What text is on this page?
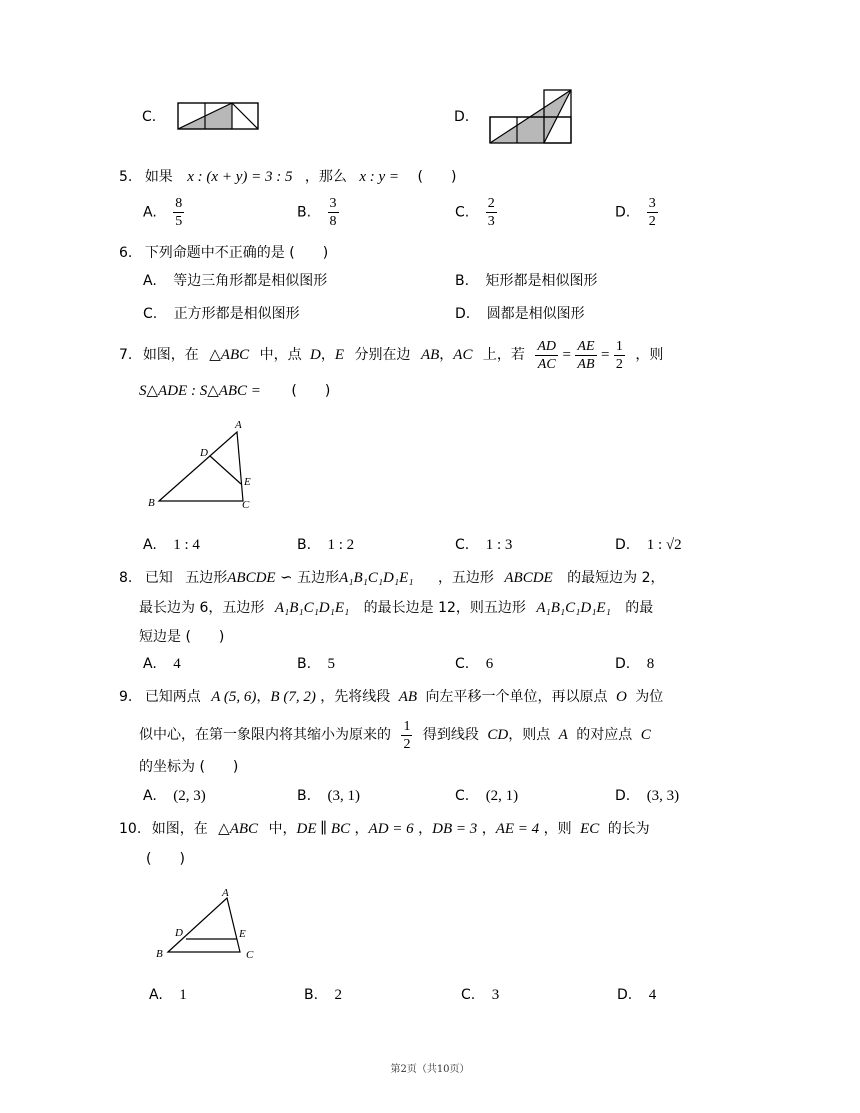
C.	D.
5. 如果 x : (x + y) = 3 : 5 ，那么 x : y = (　　)
A. $\frac{8}{5}$	B. $\frac{3}{8}$	C. $\frac{2}{3}$	D. $\frac{3}{2}$
6. 下列命题中不正确的是 (　　)
A. 等边三角形都是相似图形	B. 矩形都是相似图形
C. 正方形都是相似图形	D. 圆都是相似图形
7. 如图，在 △ABC 中，点 D，E 分别在边 AB，AC 上，若 $\frac{AD}{AC} = \frac{AE}{AB} = \frac{1}{2}$ ，则
S△ADE : S△ABC = (　　)
A
B	C
D
E
A. 1 : 4	B. 1 : 2	C. 1 : 3	D. 1 : √2
8. 已知 五边形ABCDE ∽ 五边形A₁B₁C₁D₁E₁ ，五边形 ABCDE 的最短边为 2，
最长边为 6，五边形 A₁B₁C₁D₁E₁ 的最长边是 12，则五边形 A₁B₁C₁D₁E₁ 的最
短边是 (　　)
A. 4	B. 5	C. 6	D. 8
9. 已知两点 A (5, 6)，B (7, 2) ，先将线段 AB 向左平移一个单位，再以原点 O 为位
似中心，在第一象限内将其缩小为原来的 $\frac{1}{2}$ 得到线段 CD，则点 A 的对应点 C
的坐标为 (　　)
A. (2, 3)	B. (3, 1)	C. (2, 1)	D. (3, 3)
10. 如图，在 △ABC 中，DE ∥ BC ，AD = 6 ，DB = 3 ，AE = 4 ，则 EC 的长为
(　　)
A
B	C
D	E
A. 1	B. 2	C. 3	D. 4
第2页（共10页）
